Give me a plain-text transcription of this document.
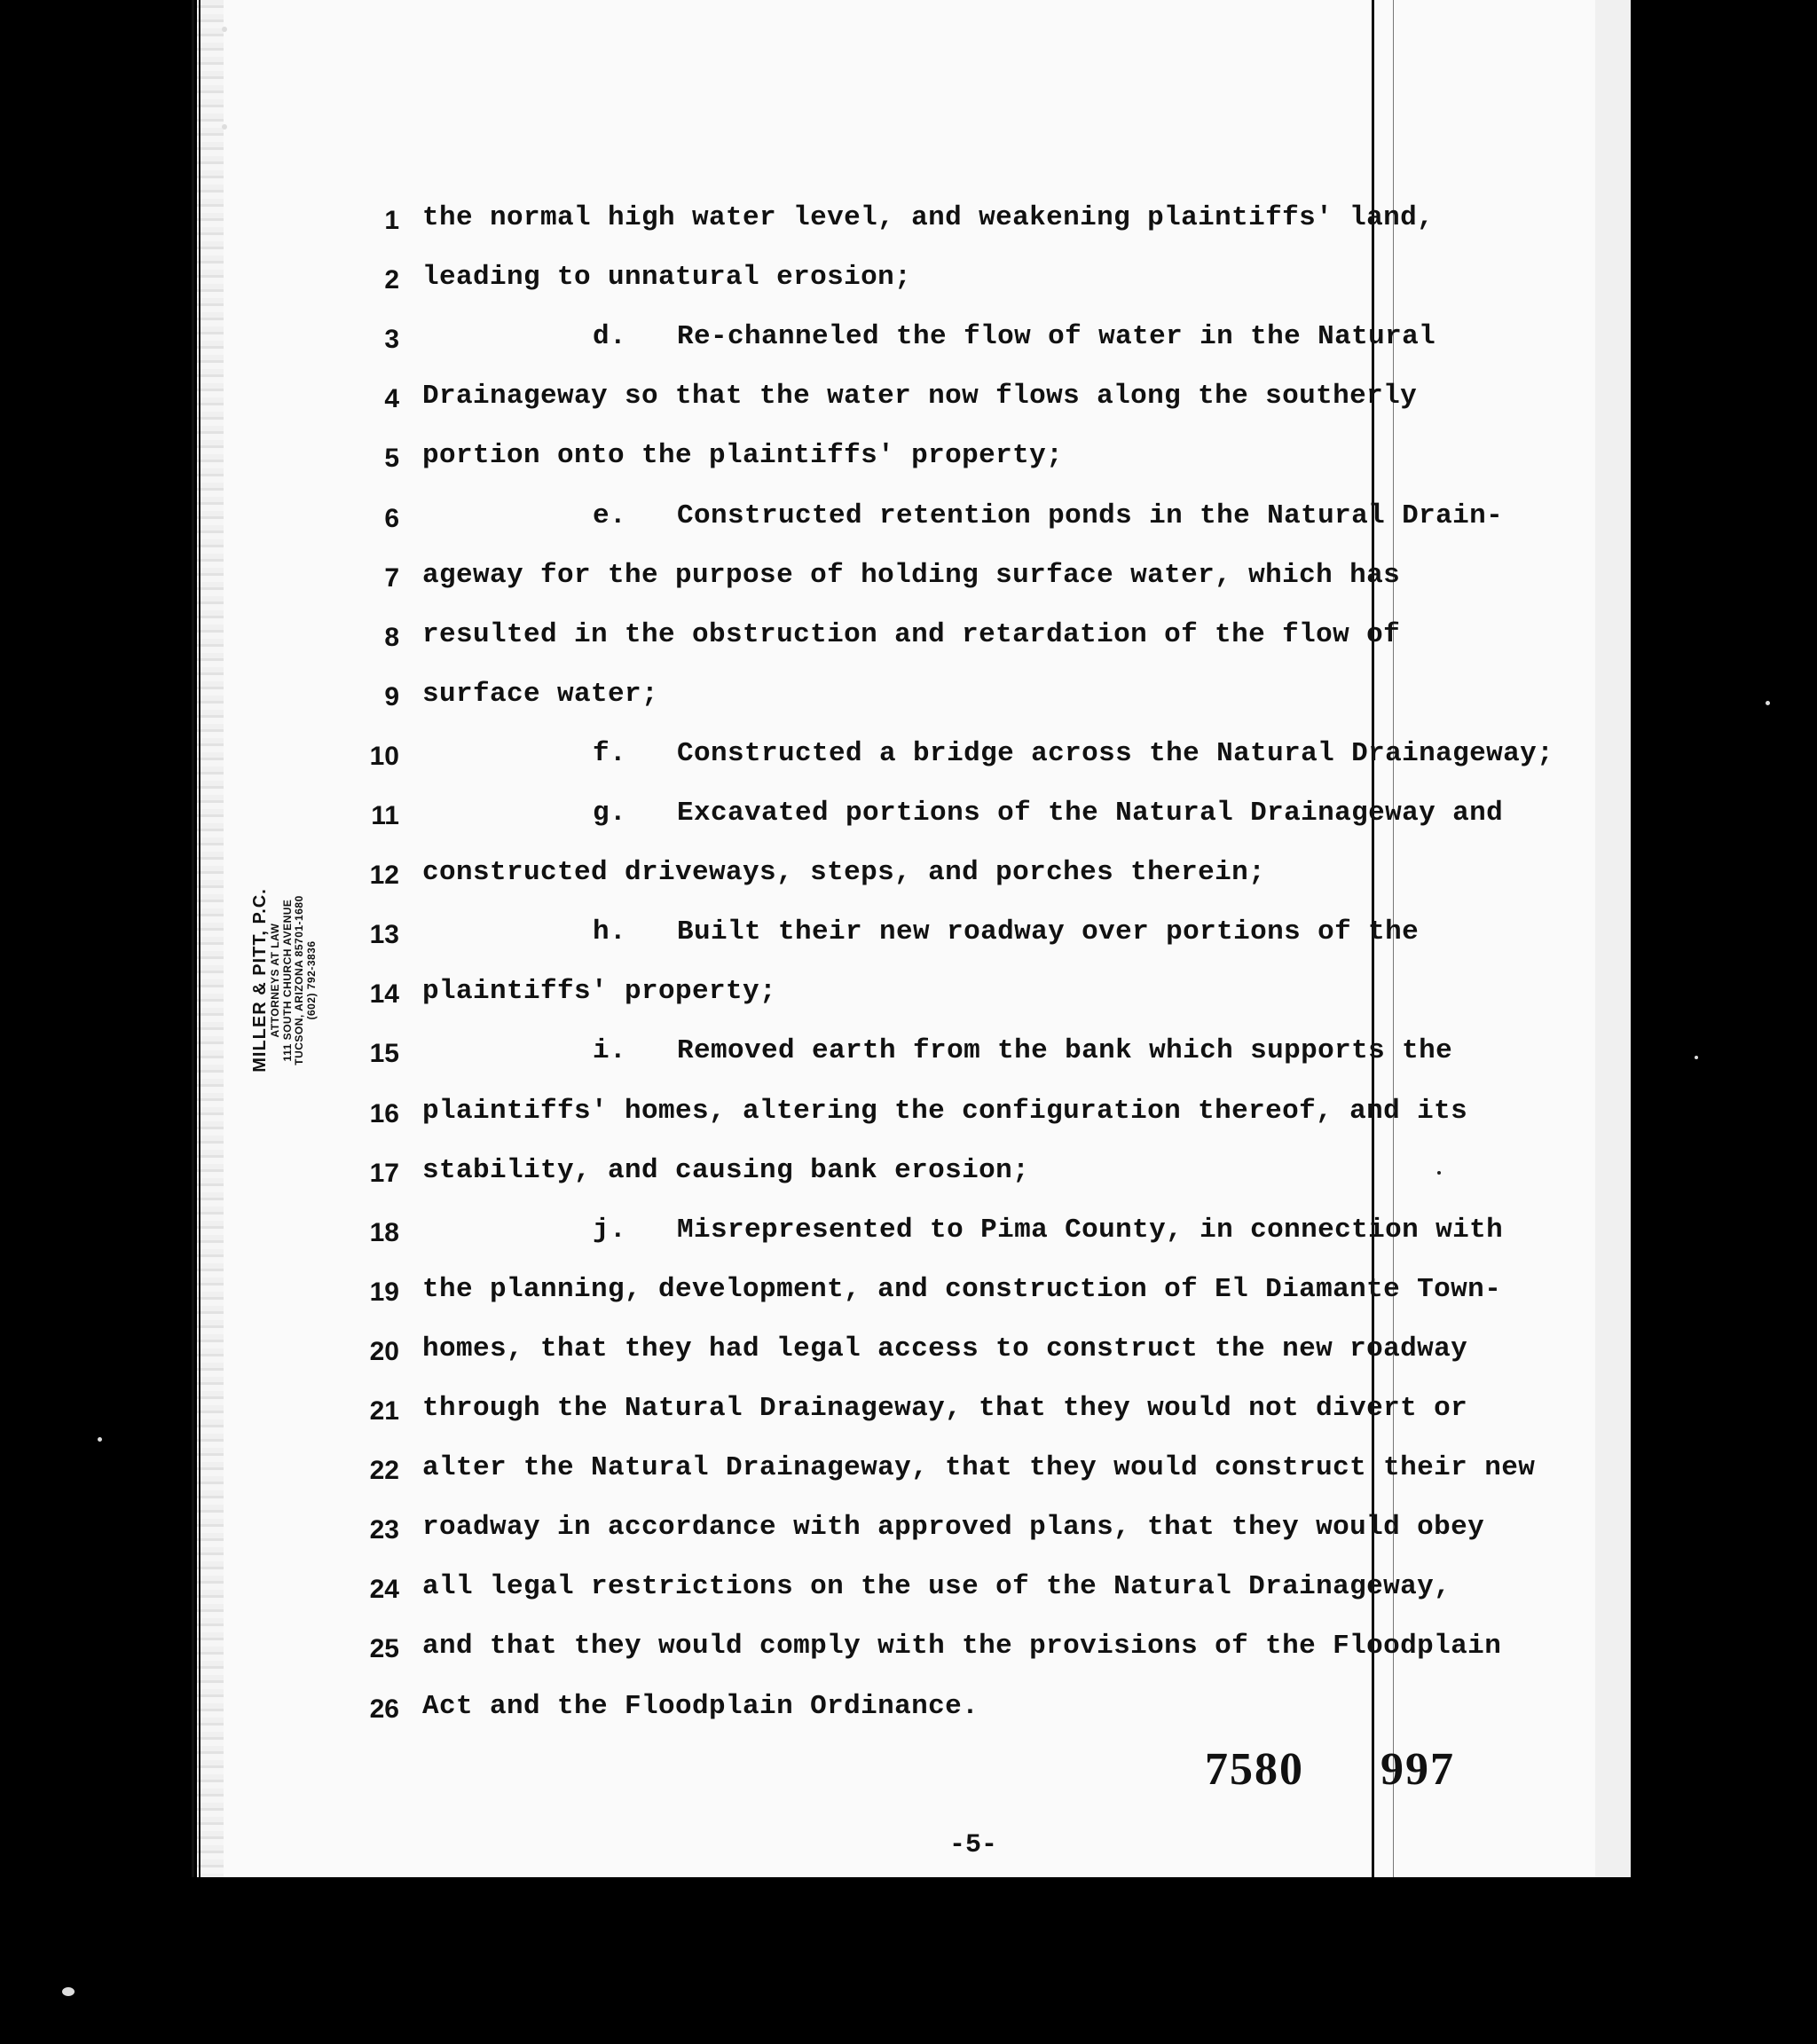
MILLER & PITT, P.C. ATTORNEYS AT LAW 111 SOUTH CHURCH AVENUE TUCSON, ARIZONA 85701-1680 (602) 792-3836
1
2
3
4
5
6
7
8
9
10
11
12
13
14
15
16
17
18
19
20
21
22
23
24
25
26
the normal high water level, and weakening plaintiffs' land,
leading to unnatural erosion;
d.   Re-channeled the flow of water in the Natural
Drainageway so that the water now flows along the southerly
portion onto the plaintiffs' property;
e.   Constructed retention ponds in the Natural Drain-
ageway for the purpose of holding surface water, which has
resulted in the obstruction and retardation of the flow of
surface water;
f.   Constructed a bridge across the Natural Drainageway;
g.   Excavated portions of the Natural Drainageway and
constructed driveways, steps, and porches therein;
h.   Built their new roadway over portions of the
plaintiffs' property;
i.   Removed earth from the bank which supports the
plaintiffs' homes, altering the configuration thereof, and its
stability, and causing bank erosion;
j.   Misrepresented to Pima County, in connection with
the planning, development, and construction of El Diamante Town-
homes, that they had legal access to construct the new roadway
through the Natural Drainageway, that they would not divert or
alter the Natural Drainageway, that they would construct their new
roadway in accordance with approved plans, that they would obey
all legal restrictions on the use of the Natural Drainageway,
and that they would comply with the provisions of the Floodplain
Act and the Floodplain Ordinance.
7580 997
-5-
